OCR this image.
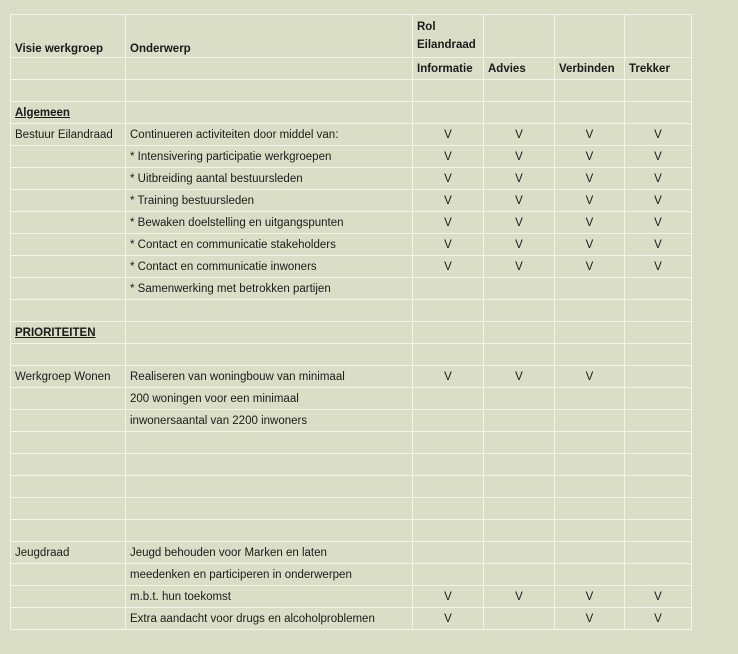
Visie werkgroep	Onderwerp	Rol
Eilandraad			

		Informatie	Advies	Verbinden	Trekker

Algemeen					
Bestuur Eilandraad	Continueren activiteiten door middel van:	V	V	V	V
	* Intensivering participatie werkgroepen	V	V	V	V
	* Uitbreiding aantal bestuursleden	V	V	V	V
	* Training bestuursleden	V	V	V	V
	* Bewaken doelstelling en uitgangspunten	V	V	V	V
	* Contact en communicatie stakeholders	V	V	V	V
	* Contact en communicatie inwoners	V	V	V	V
	* Samenwerking met betrokken partijen				

PRIORITEITEN					

Werkgroep Wonen	Realiseren van woningbouw van minimaal	V	V	V	
	200 woningen voor een minimaal				
	inwonersaantal van 2200 inwoners				

Jeugdraad	Jeugd behouden voor Marken en laten				
	meedenken en participeren in onderwerpen				
	m.b.t. hun toekomst	V	V	V	V
	Extra aandacht voor drugs en alcoholproblemen	V		V	V
